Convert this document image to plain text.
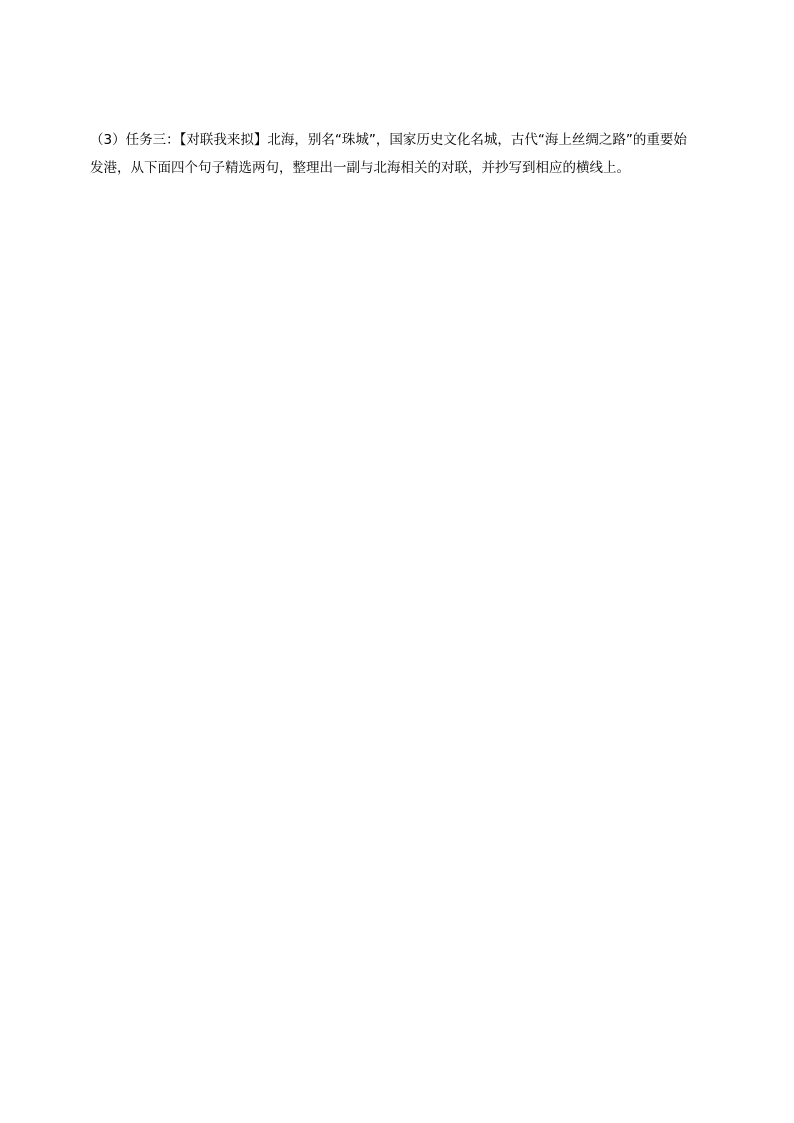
（3）任务三：【对联我来拟】北海，别名“珠城”，国家历史文化名城，古代“海上丝绸之路”的重要始
发港，从下面四个句子精选两句，整理出一副与北海相关的对联，并抄写到相应的横线上。
